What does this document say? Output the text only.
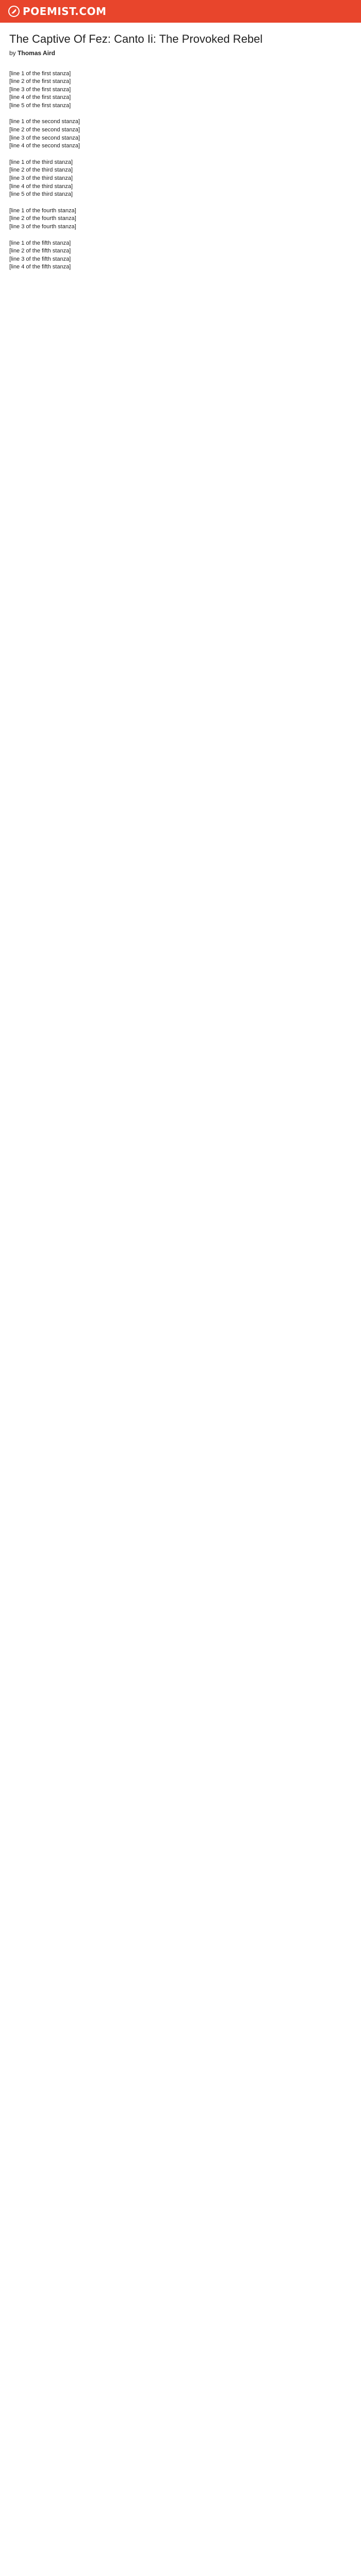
POEMIST.COM
The Captive Of Fez: Canto Ii: The Provoked Rebel

by Thomas Aird

[line 1 of the first stanza]
[line 2 of the first stanza]
[line 3 of the first stanza]
[line 4 of the first stanza]
[line 5 of the first stanza]

[line 1 of the second stanza]
[line 2 of the second stanza]
[line 3 of the second stanza]
[line 4 of the second stanza]

[line 1 of the third stanza]
[line 2 of the third stanza]
[line 3 of the third stanza]
[line 4 of the third stanza]
[line 5 of the third stanza]

[line 1 of the fourth stanza]
[line 2 of the fourth stanza]
[line 3 of the fourth stanza]

[line 1 of the fifth stanza]
[line 2 of the fifth stanza]
[line 3 of the fifth stanza]
[line 4 of the fifth stanza]
